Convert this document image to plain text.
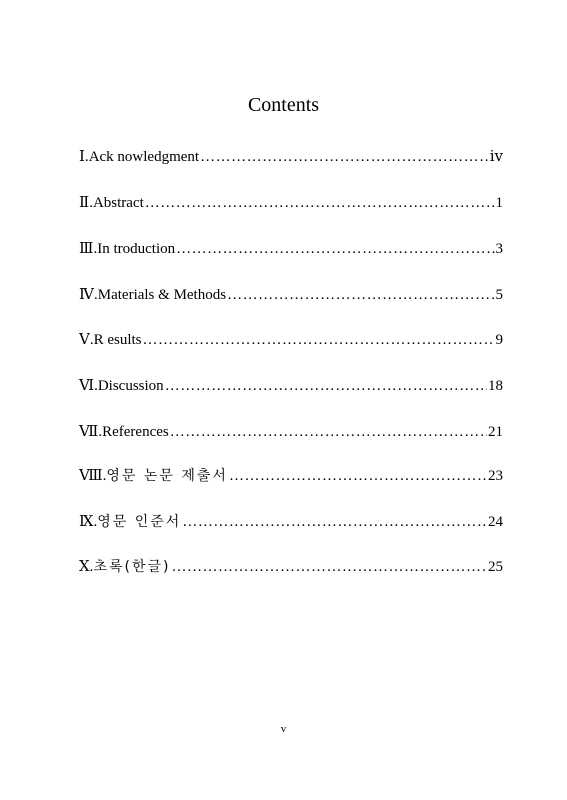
Contents
Ⅰ. Ack nowledgment …………………………………………………………………………………………………………………………………………………………	ⅳ
Ⅱ. Abstract …………………………………………………………………………………………………………………………………………………………	1
Ⅲ. In troduction …………………………………………………………………………………………………………………………………………………………	3
Ⅳ. Materials & Methods …………………………………………………………………………………………………………………………………………………………	5
Ⅴ. R esults …………………………………………………………………………………………………………………………………………………………	9
Ⅵ. Discussion …………………………………………………………………………………………………………………………………………………………	18
Ⅶ. References …………………………………………………………………………………………………………………………………………………………	21
Ⅷ. 영문 논문 제출서 …………………………………………………………………………………………………………………………………………………………	23
Ⅸ. 영문 인준서 …………………………………………………………………………………………………………………………………………………………	24
Ⅹ. 초록(한글) …………………………………………………………………………………………………………………………………………………………	25
v
